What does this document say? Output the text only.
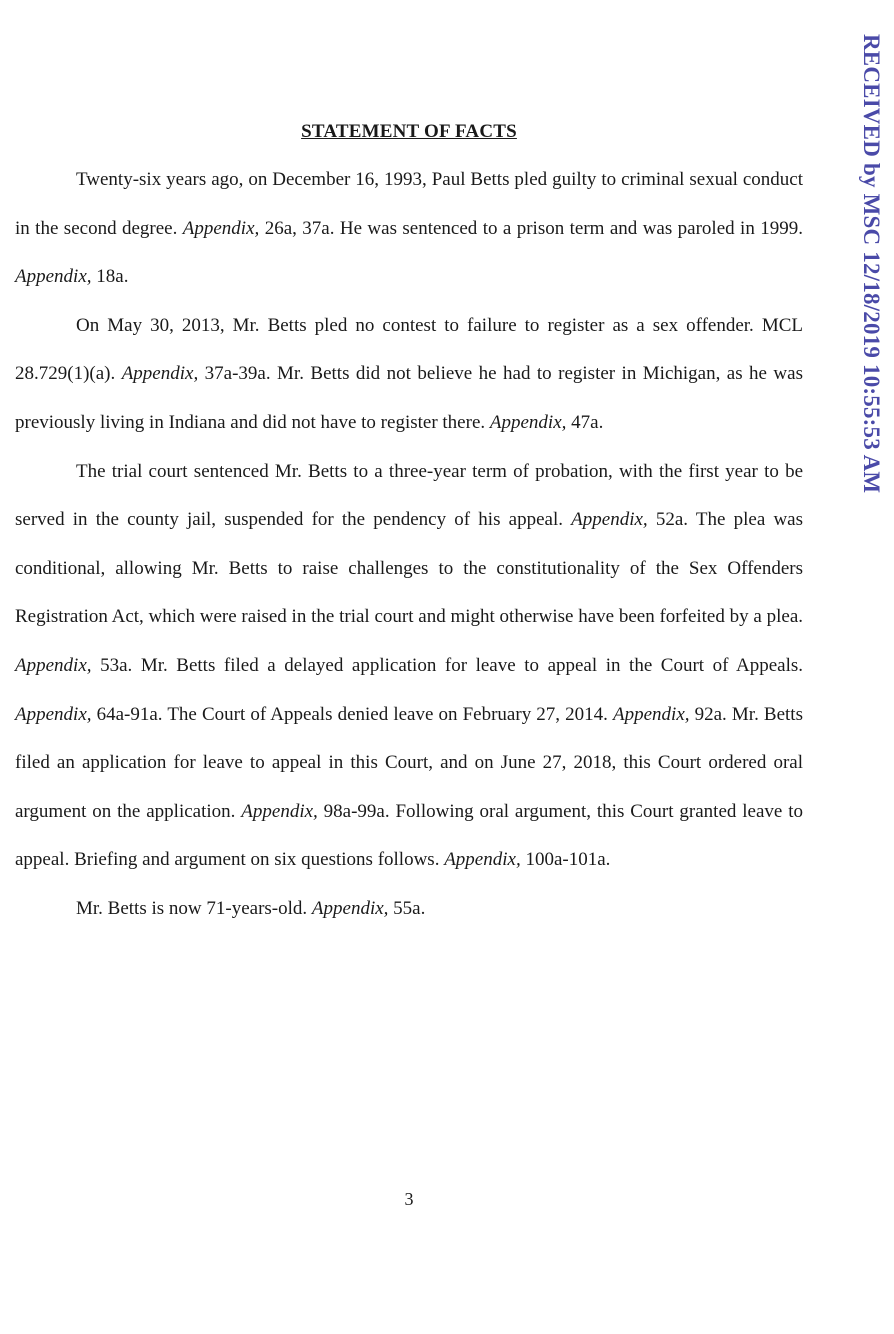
STATEMENT OF FACTS

Twenty-six years ago, on December 16, 1993, Paul Betts pled guilty to criminal sexual conduct in the second degree. Appendix, 26a, 37a. He was sentenced to a prison term and was paroled in 1999. Appendix, 18a.

On May 30, 2013, Mr. Betts pled no contest to failure to register as a sex offender. MCL 28.729(1)(a). Appendix, 37a-39a. Mr. Betts did not believe he had to register in Michigan, as he was previously living in Indiana and did not have to register there. Appendix, 47a.

The trial court sentenced Mr. Betts to a three-year term of probation, with the first year to be served in the county jail, suspended for the pendency of his appeal. Appendix, 52a. The plea was conditional, allowing Mr. Betts to raise challenges to the constitutionality of the Sex Offenders Registration Act, which were raised in the trial court and might otherwise have been forfeited by a plea. Appendix, 53a. Mr. Betts filed a delayed application for leave to appeal in the Court of Appeals. Appendix, 64a-91a. The Court of Appeals denied leave on February 27, 2014. Appendix, 92a. Mr. Betts filed an application for leave to appeal in this Court, and on June 27, 2018, this Court ordered oral argument on the application. Appendix, 98a-99a. Following oral argument, this Court granted leave to appeal. Briefing and argument on six questions follows. Appendix, 100a-101a.

Mr. Betts is now 71-years-old. Appendix, 55a.

3
RECEIVED by MSC 12/18/2019 10:55:53 AM
